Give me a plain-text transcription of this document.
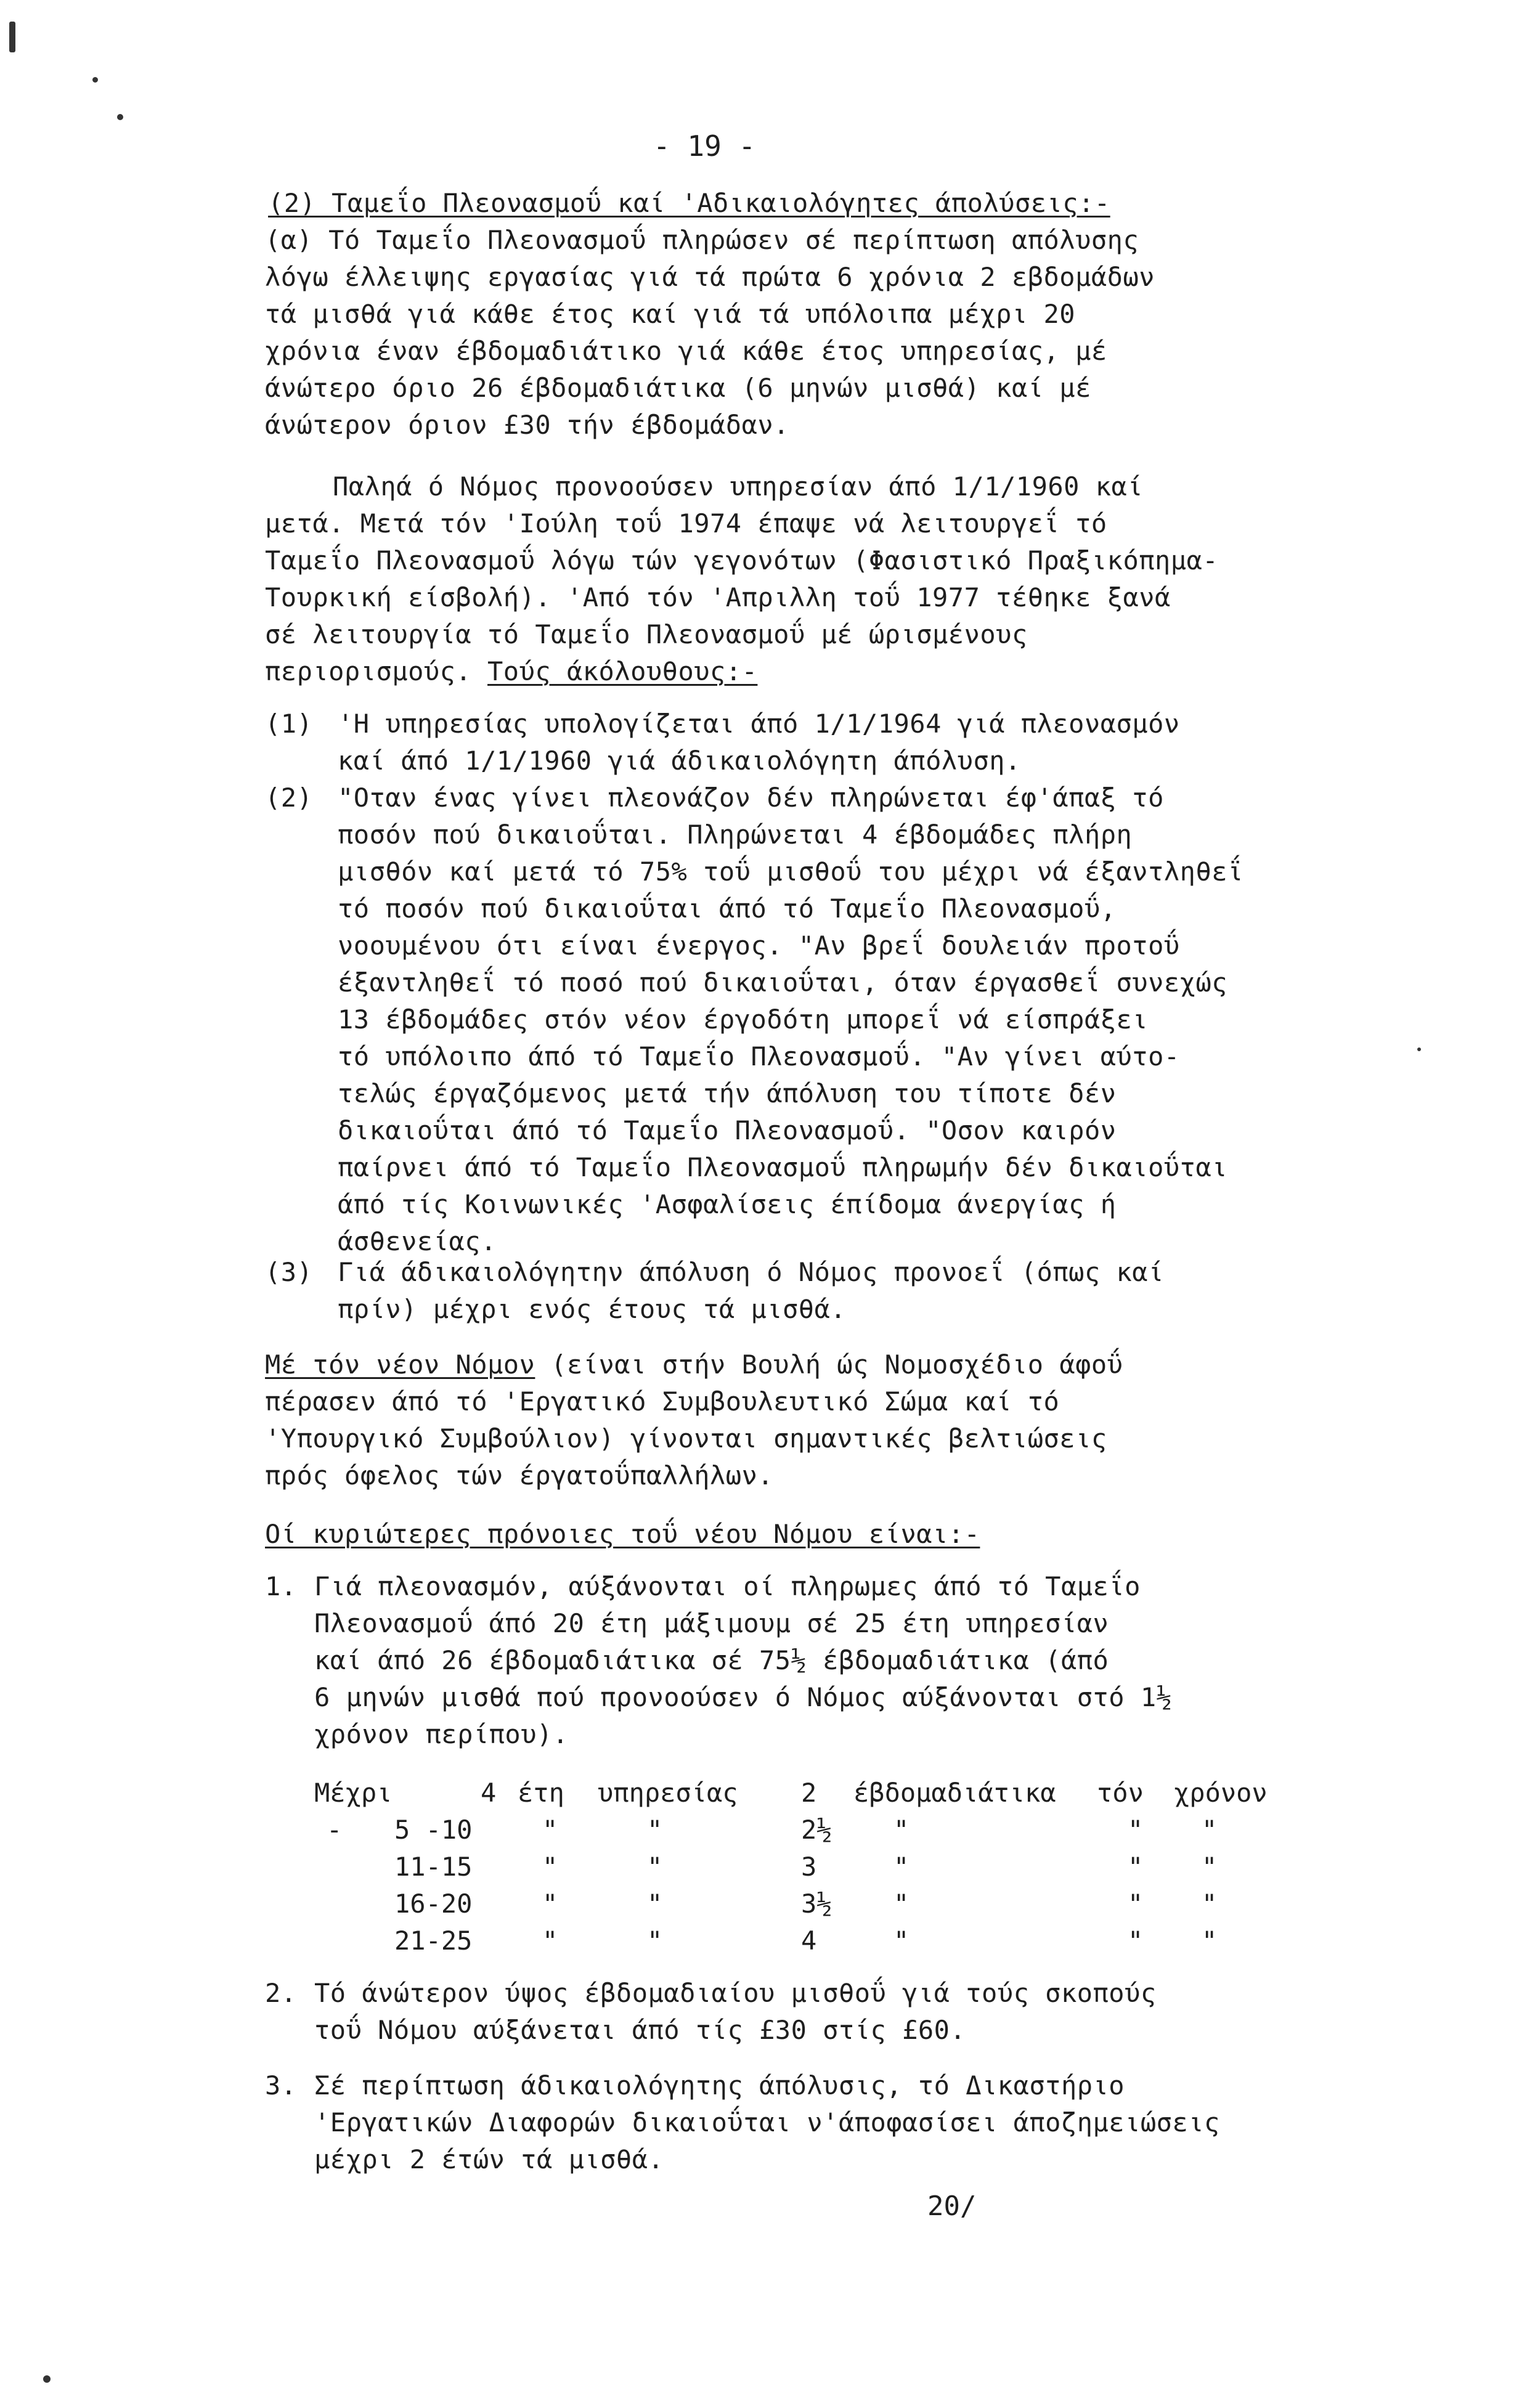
- 19 -
(2) Ταμεΐο Πλεονασμοΰ καί 'Αδικαιολόγητες άπολύσεις:-
(α) Τό Ταμεΐο Πλεονασμοΰ πληρώσεν σέ περίπτωση απόλυσης
λόγω έλλειψης εργασίας γιά τά πρώτα 6 χρόνια 2 εβδομάδων
τά μισθά γιά κάθε έτος καί γιά τά υπόλοιπα μέχρι 20
χρόνια έναν έβδομαδιάτικο γιά κάθε έτος υπηρεσίας, μέ
άνώτερο όριο 26 έβδομαδιάτικα (6 μηνών μισθά) καί μέ
άνώτερον όριον £30 τήν έβδομάδαν.
Παληά ό Νόμος προνοούσεν υπηρεσίαν άπό 1/1/1960 καί
μετά. Μετά τόν 'Ιούλη τοΰ 1974 έπαψε νά λειτουργεΐ τό
Ταμεΐο Πλεονασμοΰ λόγω τών γεγονότων (Φασιστικό Πραξικόπημα-
Τουρκική είσβολή). 'Από τόν 'Απριλλη τοΰ 1977 τέθηκε ξανά
σέ λειτουργία τό Ταμεΐο Πλεονασμοΰ μέ ώρισμένους
περιορισμούς. Τούς άκόλουθους:-
(1) 'Η υπηρεσίας υπολογίζεται άπό 1/1/1964 γιά πλεονασμόν
καί άπό 1/1/1960 γιά άδικαιολόγητη άπόλυση.
(2) "Οταν ένας γίνει πλεονάζον δέν πληρώνεται έφ'άπαξ τό
ποσόν πού δικαιοΰται. Πληρώνεται 4 έβδομάδες πλήρη
μισθόν καί μετά τό 75% τοΰ μισθοΰ του μέχρι νά έξαντληθεΐ
τό ποσόν πού δικαιοΰται άπό τό Ταμεΐο Πλεονασμοΰ,
νοουμένου ότι είναι ένεργος. "Αν βρεΐ δουλειάν προτοΰ
έξαντληθεΐ τό ποσό πού δικαιοΰται, όταν έργασθεΐ συνεχώς
13 έβδομάδες στόν νέον έργοδότη μπορεΐ νά είσπράξει
τό υπόλοιπο άπό τό Ταμεΐο Πλεονασμοΰ. "Αν γίνει αύτο-
τελώς έργαζόμενος μετά τήν άπόλυση του τίποτε δέν
δικαιοΰται άπό τό Ταμεΐο Πλεονασμοΰ. "Οσον καιρόν
παίρνει άπό τό Ταμεΐο Πλεονασμοΰ πληρωμήν δέν δικαιοΰται
άπό τίς Κοινωνικές 'Ασφαλίσεις έπίδομα άνεργίας ή
άσθενείας.
(3) Γιά άδικαιολόγητην άπόλυση ό Νόμος προνοεΐ (όπως καί
πρίν) μέχρι ενός έτους τά μισθά.
Μέ τόν νέον Νόμον (είναι στήν Βουλή ώς Νομοσχέδιο άφοΰ
πέρασεν άπό τό 'Εργατικό Συμβουλευτικό Σώμα καί τό
'Υπουργικό Συμβούλιον) γίνονται σημαντικές βελτιώσεις
πρός όφελος τών έργατοΰπαλλήλων.
Οί κυριώτερες πρόνοιες τοΰ νέου Νόμου είναι:-
1. Γιά πλεονασμόν, αύξάνονται οί πληρωμες άπό τό Ταμεΐο
Πλεονασμοΰ άπό 20 έτη μάξιμουμ σέ 25 έτη υπηρεσίαν
καί άπό 26 έβδομαδιάτικα σέ 75½ έβδομαδιάτικα (άπό
6 μηνών μισθά πού προνοούσεν ό Νόμος αύξάνονται στό 1½
χρόνον περίπου).
Μέχρι	4 έτη υπηρεσίας 2 έβδομαδιάτικα τόν χρόνον
- 5 -10	"	"	2½ "	" "
11-15	"	"	3	"	" "
16-20	"	"	3½ "	" "
21-25	"	"	4	"	" "
2. Τό άνώτερον ύψος έβδομαδιαίου μισθοΰ γιά τούς σκοπούς
τοΰ Νόμου αύξάνεται άπό τίς £30 στίς £60.
3. Σέ περίπτωση άδικαιολόγητης άπόλυσις, τό Δικαστήριο
'Εργατικών Διαφορών δικαιοΰται ν'άποφασίσει άποζημειώσεις
μέχρι 2 έτών τά μισθά.
20/
